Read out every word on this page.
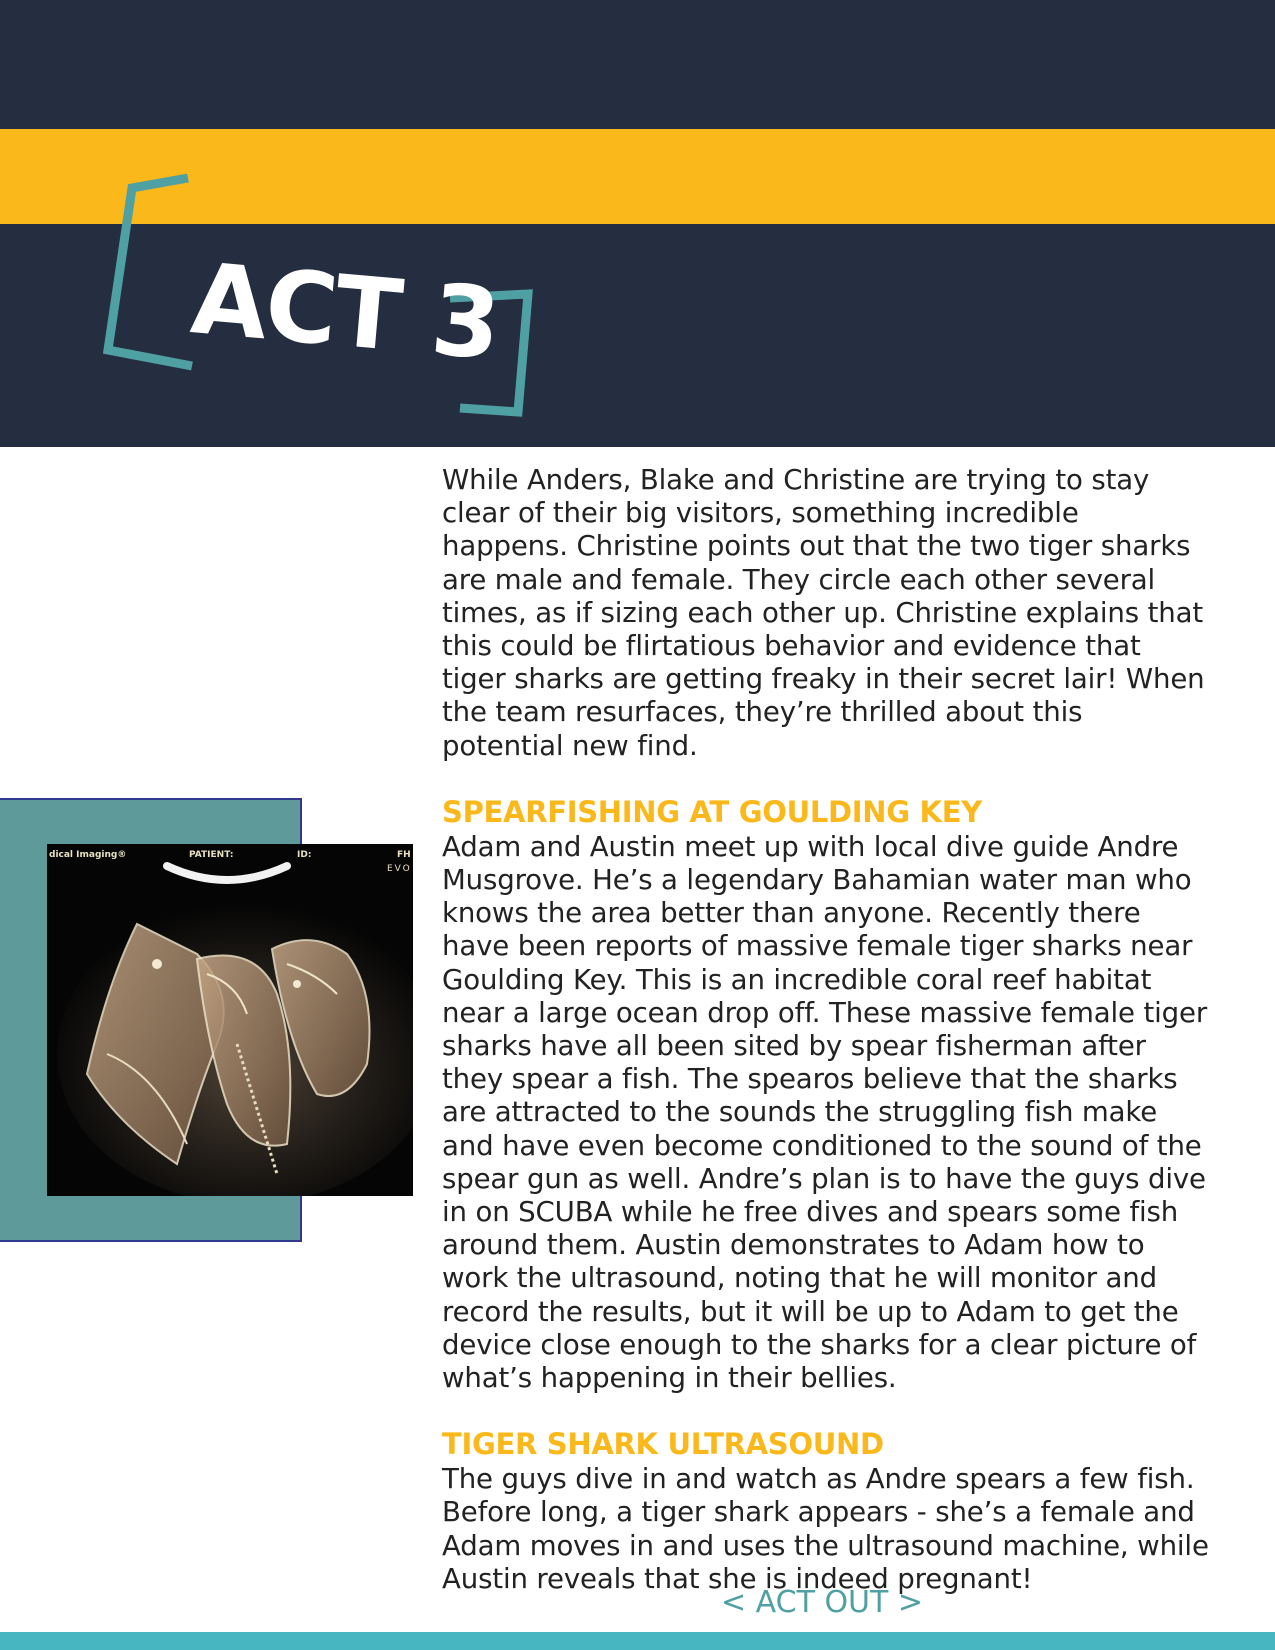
ACT 3

While Anders, Blake and Christine are trying to stay clear of their big visitors, something incredible happens. Christine points out that the two tiger sharks are male and female. They circle each other several times, as if sizing each other up. Christine explains that this could be flirtatious behavior and evidence that tiger sharks are getting freaky in their secret lair! When the team resurfaces, they’re thrilled about this potential new find.

SPEARFISHING AT GOULDING KEY

Adam and Austin meet up with local dive guide Andre Musgrove. He’s a legendary Bahamian water man who knows the area better than anyone. Recently there have been reports of massive female tiger sharks near Goulding Key. This is an incredible coral reef habitat near a large ocean drop off. These massive female tiger sharks have all been sited by spear fisherman after they spear a fish. The spearos believe that the sharks are attracted to the sounds the struggling fish make and have even become conditioned to the sound of the spear gun as well. Andre’s plan is to have the guys dive in on SCUBA while he free dives and spears some fish around them. Austin demonstrates to Adam how to work the ultrasound, noting that he will monitor and record the results, but it will be up to Adam to get the device close enough to the sharks for a clear picture of what’s happening in their bellies.

TIGER SHARK ULTRASOUND

The guys dive in and watch as Andre spears a few fish. Before long, a tiger shark appears - she’s a female and Adam moves in and uses the ultrasound machine, while Austin reveals that she is indeed pregnant!

< ACT OUT >
dical Imaging®	PATIENT:	ID:	FH
EVO
